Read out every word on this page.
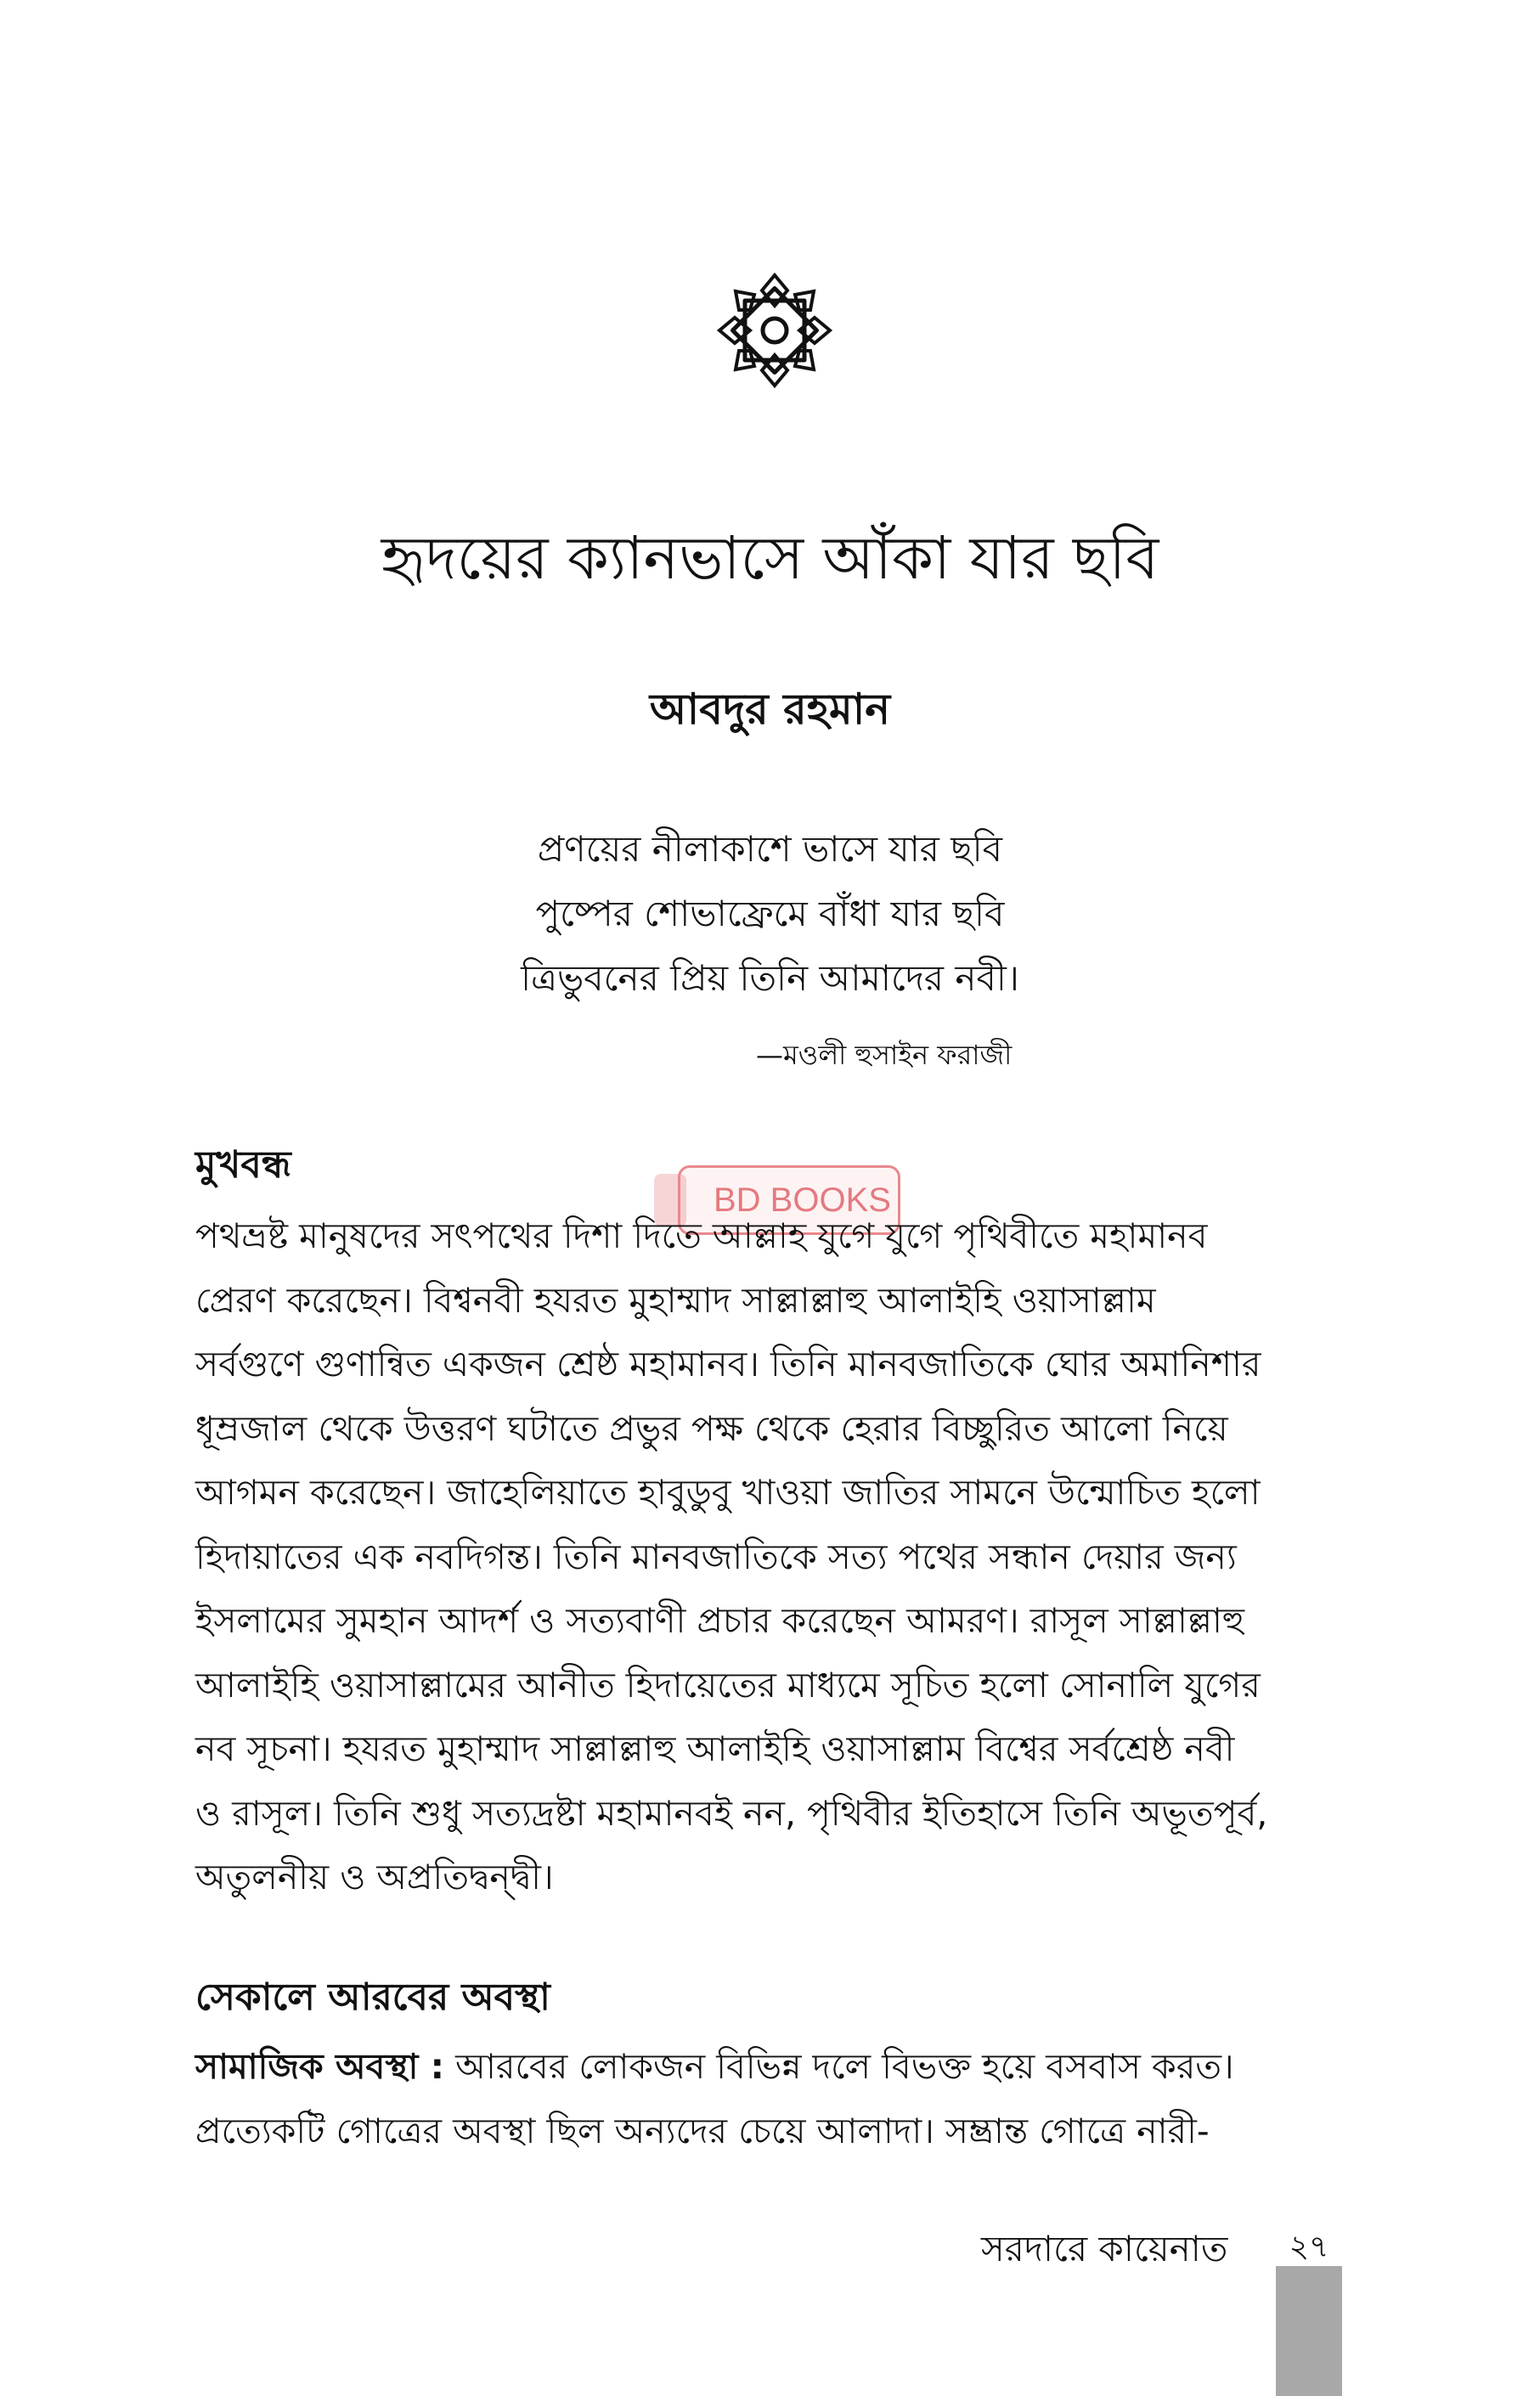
হৃদয়ের ক্যানভাসে আঁকা যার ছবি
আবদুর রহমান
প্রণয়ের নীলাকাশে ভাসে যার ছবি
পুষ্পের শোভাফ্রেমে বাঁধা যার ছবি
ত্রিভুবনের প্রিয় তিনি আমাদের নবী।
—মওলী হুসাইন ফরাজী
BD BOOKS
মুখবন্ধ
পথভ্রষ্ট মানুষদের সৎপথের দিশা দিতে আল্লাহ যুগে যুগে পৃথিবীতে মহামানব
প্রেরণ করেছেন। বিশ্বনবী হযরত মুহাম্মাদ সাল্লাল্লাহু আলাইহি ওয়াসাল্লাম
সর্বগুণে গুণান্বিত একজন শ্রেষ্ঠ মহামানব। তিনি মানবজাতিকে ঘোর অমানিশার
ধূম্রজাল থেকে উত্তরণ ঘটাতে প্রভুর পক্ষ থেকে হেরার বিচ্ছুরিত আলো নিয়ে
আগমন করেছেন। জাহেলিয়াতে হাবুডুবু খাওয়া জাতির সামনে উন্মোচিত হলো
হিদায়াতের এক নবদিগন্ত। তিনি মানবজাতিকে সত্য পথের সন্ধান দেয়ার জন্য
ইসলামের সুমহান আদর্শ ও সত্যবাণী প্রচার করেছেন আমরণ। রাসূল সাল্লাল্লাহু
আলাইহি ওয়াসাল্লামের আনীত হিদায়েতের মাধ্যমে সূচিত হলো সোনালি যুগের
নব সূচনা। হযরত মুহাম্মাদ সাল্লাল্লাহু আলাইহি ওয়াসাল্লাম বিশ্বের সর্বশ্রেষ্ঠ নবী
ও রাসূল। তিনি শুধু সত্যদ্রষ্টা মহামানবই নন, পৃথিবীর ইতিহাসে তিনি অভূতপূর্ব,
অতুলনীয় ও অপ্রতিদ্বন্দ্বী।
সেকালে আরবের অবস্থা
সামাজিক অবস্থা : আরবের লোকজন বিভিন্ন দলে বিভক্ত হয়ে বসবাস করত।
প্রত্যেকটি গোত্রের অবস্থা ছিল অন্যদের চেয়ে আলাদা। সম্ভ্রান্ত গোত্রে নারী-
সরদারে কায়েনাত	২৭
